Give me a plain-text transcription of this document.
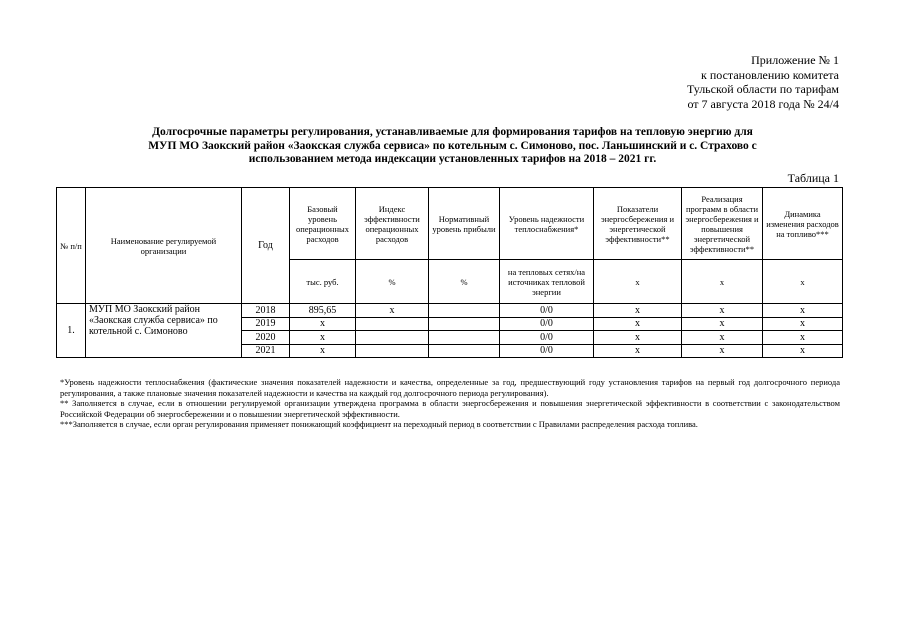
Приложение № 1
к постановлению комитета
Тульской области по тарифам
от 7 августа 2018 года № 24/4
Долгосрочные параметры регулирования, устанавливаемые для формирования тарифов на тепловую энергию для
МУП МО Заокский район «Заокская служба сервиса» по котельным с. Симоново, пос. Ланьшинский и с. Страхово с
использованием метода индексации установленных тарифов на 2018 – 2021 гг.
Таблица 1
№ п/п	Наименование регулируемой организации	Год	Базовый уровень операционных расходов	Индекс эффективности операционных расходов	Нормативный уровень прибыли	Уровень надежности теплоснабжения*	Показатели энергосбережения и энергетической эффективности**	Реализация программ в области энергосбережения и повышения энергетической эффективности**	Динамика изменения расходов на топливо***
			тыс. руб.	%	%	на тепловых сетях/на источниках тепловой энергии	х	х	х
1.	МУП МО Заокский район «Заокская служба сервиса» по котельной с. Симоново	2018	895,65	х		0/0	х	х	х
		2019	х			0/0	х	х	х
		2020	х			0/0	х	х	х
		2021	х			0/0	х	х	х

*Уровень надежности теплоснабжения (фактические значения показателей надежности и качества, определенные за год, предшествующий году установления тарифов на первый год долгосрочного периода регулирования, а также плановые значения показателей надежности и качества на каждый год долгосрочного периода регулирования).

** Заполняется в случае, если в отношении регулируемой организации утверждена программа в области энергосбережения и повышения энергетической эффективности в соответствии с законодательством Российской Федерации об энергосбережении и о повышении энергетической эффективности.

***Заполняется в случае, если орган регулирования применяет понижающий коэффициент на переходный период в соответствии с Правилами распределения расхода топлива.
